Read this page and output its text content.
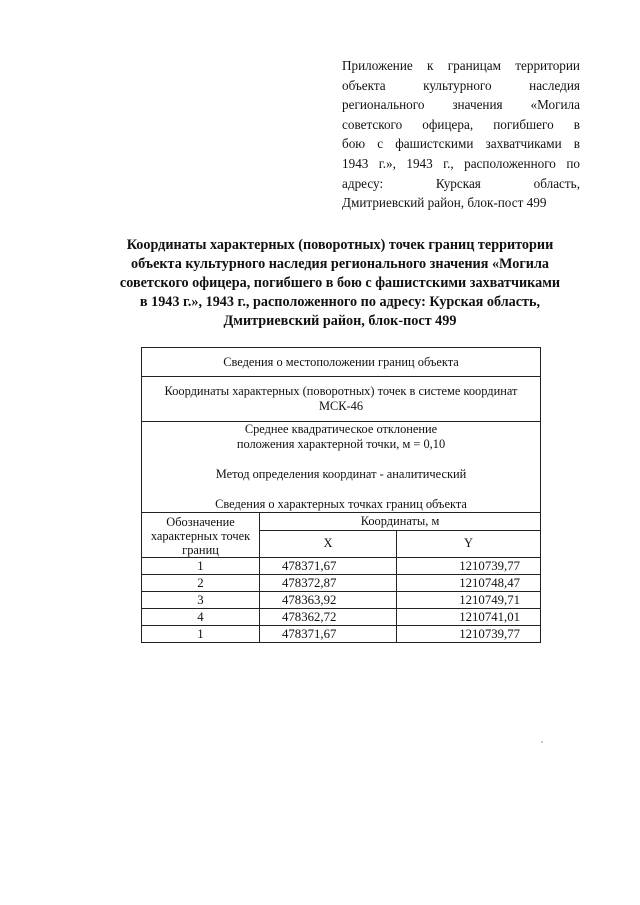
Приложение к границам территории
объекта культурного наследия
регионального значения «Могила
советского офицера, погибшего в
бою с фашистскими захватчиками в
1943 г.», 1943 г., расположенного по
адресу: Курская область,
Дмитриевский район, блок-пост 499
Координаты характерных (поворотных) точек границ территории
объекта культурного наследия регионального значения «Могила
советского офицера, погибшего в бою с фашистскими захватчиками
в 1943 г.», 1943 г., расположенного по адресу: Курская область,
Дмитриевский район, блок-пост 499
Сведения о местоположении границ объекта		
Координаты характерных (поворотных) точек в системе координат МСК-46		

Среднее квадратическое отклонение
положения характерной точки, м = 0,10
Метод определения координат - аналитический
Сведения о характерных точках границ объекта		

Обозначение характерных точек границ	Координаты, м	
	X	Y
1	478371,67	1210739,77
2	478372,87	1210748,47
3	478363,92	1210749,71
4	478362,72	1210741,01
1	478371,67	1210739,77
